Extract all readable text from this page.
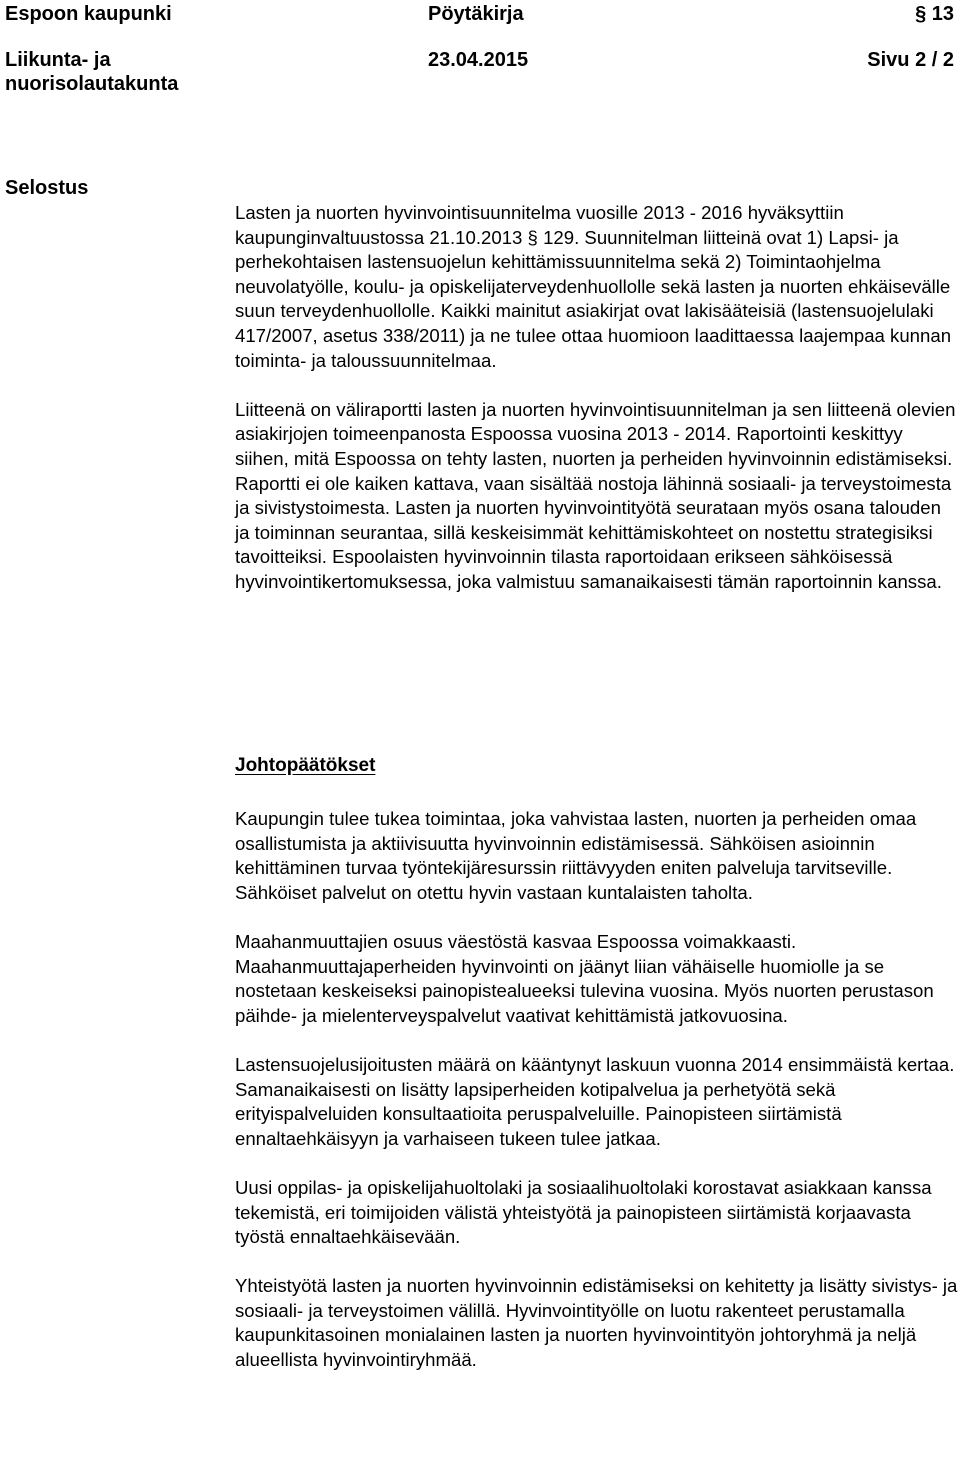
Espoon kaupunki	Pöytäkirja	§ 13
Liikunta- ja nuorisolautakunta
23.04.2015	Sivu 2 / 2
Selostus

Lasten ja nuorten hyvinvointisuunnitelma vuosille 2013 - 2016 hyväksyttiin kaupunginvaltuustossa 21.10.2013 § 129. Suunnitelman liitteinä ovat 1) Lapsi- ja perhekohtaisen lastensuojelun kehittämissuunnitelma sekä 2) Toimintaohjelma neuvolatyölle, koulu- ja opiskelijaterveydenhuollolle sekä lasten ja nuorten ehkäisevälle suun terveydenhuollolle. Kaikki mainitut asiakirjat ovat lakisääteisiä (lastensuojelulaki 417/2007, asetus 338/2011) ja ne tulee ottaa huomioon laadittaessa laajempaa kunnan toiminta- ja taloussuunnitelmaa.

Liitteenä on väliraportti lasten ja nuorten hyvinvointisuunnitelman ja sen liitteenä olevien asiakirjojen toimeenpanosta Espoossa vuosina 2013 - 2014. Raportointi keskittyy siihen, mitä Espoossa on tehty lasten, nuorten ja perheiden hyvinvoinnin edistämiseksi. Raportti ei ole kaiken kattava, vaan sisältää nostoja lähinnä sosiaali- ja terveystoimesta ja sivistystoimesta. Lasten ja nuorten hyvinvointityötä seurataan myös osana talouden ja toiminnan seurantaa, sillä keskeisimmät kehittämiskohteet on nostettu strategisiksi tavoitteiksi. Espoolaisten hyvinvoinnin tilasta raportoidaan erikseen sähköisessä hyvinvointikertomuksessa, joka valmistuu samanaikaisesti tämän raportoinnin kanssa.

Johtopäätökset

Kaupungin tulee tukea toimintaa, joka vahvistaa lasten, nuorten ja perheiden omaa osallistumista ja aktiivisuutta hyvinvoinnin edistämisessä. Sähköisen asioinnin kehittäminen turvaa työntekijäresurssin riittävyyden eniten palveluja tarvitseville. Sähköiset palvelut on otettu hyvin vastaan kuntalaisten taholta.

Maahanmuuttajien osuus väestöstä kasvaa Espoossa voimakkaasti. Maahanmuuttajaperheiden hyvinvointi on jäänyt liian vähäiselle huomiolle ja se nostetaan keskeiseksi painopistealueeksi tulevina vuosina. Myös nuorten perustason päihde- ja mielenterveyspalvelut vaativat kehittämistä jatkovuosina.

Lastensuojelusijoitusten määrä on kääntynyt laskuun vuonna 2014 ensimmäistä kertaa. Samanaikaisesti on lisätty lapsiperheiden kotipalvelua ja perhetyötä sekä erityispalveluiden konsultaatioita peruspalveluille. Painopisteen siirtämistä ennaltaehkäisyyn ja varhaiseen tukeen tulee jatkaa.

Uusi oppilas- ja opiskelijahuoltolaki ja sosiaalihuoltolaki korostavat asiakkaan kanssa tekemistä, eri toimijoiden välistä yhteistyötä ja painopisteen siirtämistä korjaavasta työstä ennaltaehkäisevään.

Yhteistyötä lasten ja nuorten hyvinvoinnin edistämiseksi on kehitetty ja lisätty sivistys- ja sosiaali- ja terveystoimen välillä. Hyvinvointityölle on luotu rakenteet perustamalla kaupunkitasoinen monialainen lasten ja nuorten hyvinvointityön johtoryhmä ja neljä alueellista hyvinvointiryhmää.
